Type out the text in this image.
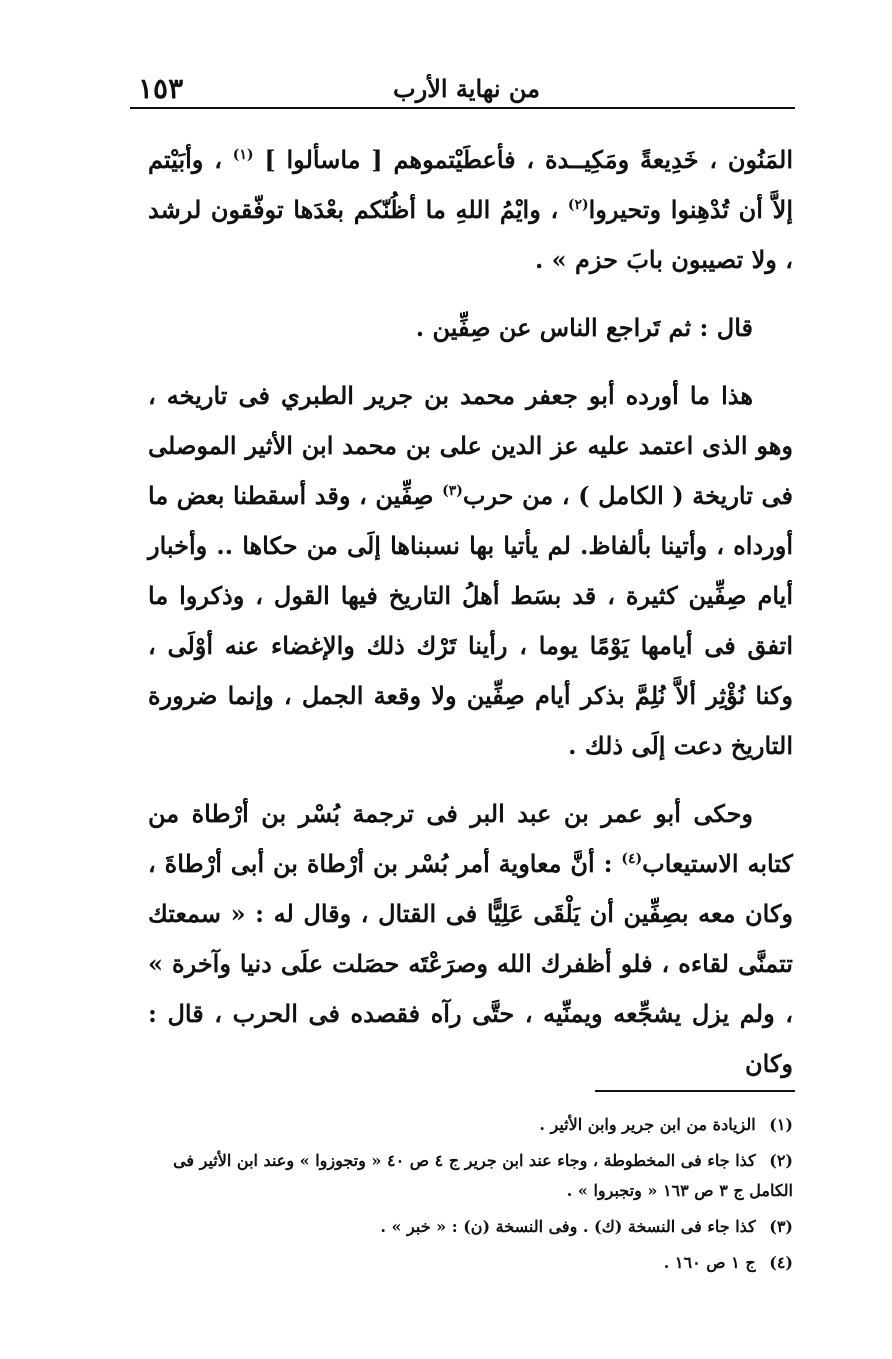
من نهاية الأرب
١٥٣

المَنُون ، خَدِيعةً ومَكِيــدة ، فأعطَيْتموهم [ ماسألوا ] $^{(١)}$ ، وأبَيْتم إلاَّ أن تُدْهِنوا وتحيروا$^{(٢)}$ ، وايْمُ اللهِ ما أظُنّكم بعْدَها توفّقون لرشد ، ولا تصيبون بابَ حزم » .

قال : ثم تَراجع الناس عن صِفِّين .

هذا ما أورده أبو جعفر محمد بن جرير الطبري فى تاريخه ، وهو الذى اعتمد عليه عز الدين على بن محمد ابن الأثير الموصلى فى تاريخة ( الكامل ) ، من حرب$^{(٣)}$ صِفِّين ، وقد أسقطنا بعض ما أورداه ، وأتينا بألفاظ. لم يأتيا بها نسبناها إلَى من حكاها .. وأخبار أيام صِفِّين كثيرة ، قد بسَط أهلُ التاريخ فيها القول ، وذكروا ما اتفق فى أيامها يَوْمًا يوما ، رأينا تَرْك ذلك والإغضاء عنه أوْلَى ، وكنا نُؤْثِر ألاَّ نُلِمَّ بذكر أيام صِفِّين ولا وقعة الجمل ، وإنما ضرورة التاريخ دعت إلَى ذلك .

وحكى أبو عمر بن عبد البر فى ترجمة بُسْر بن أرْطاة من كتابه الاستيعاب$^{(٤)}$ : أنَّ معاوية أمر بُسْر بن أرْطاة بن أبى أرْطاةَ ، وكان معه بصِفِّين أن يَلْقَى عَلِيًّا فى القتال ، وقال له : « سمعتك تتمنَّى لقاءه ، فلو أظفرك الله وصرَعْتَه حصَلت علَى دنيا وآخرة » ، ولم يزل يشجِّعه ويمنِّيه ، حتَّى رآه فقصده فى الحرب ، قال : وكان

(١) الزيادة من ابن جرير وابن الأثير .

(٢) كذا جاء فى المخطوطة ، وجاء عند ابن جرير ج ٤ ص ٤٠ « وتجوزوا » وعند ابن الأثير فى الكامل ج ٣ ص ١٦٣ « وتجبروا » .

(٣) كذا جاء فى النسخة (ك) . وفى النسخة (ن) : « خبر » .

(٤) ج ١ ص ١٦٠ .
